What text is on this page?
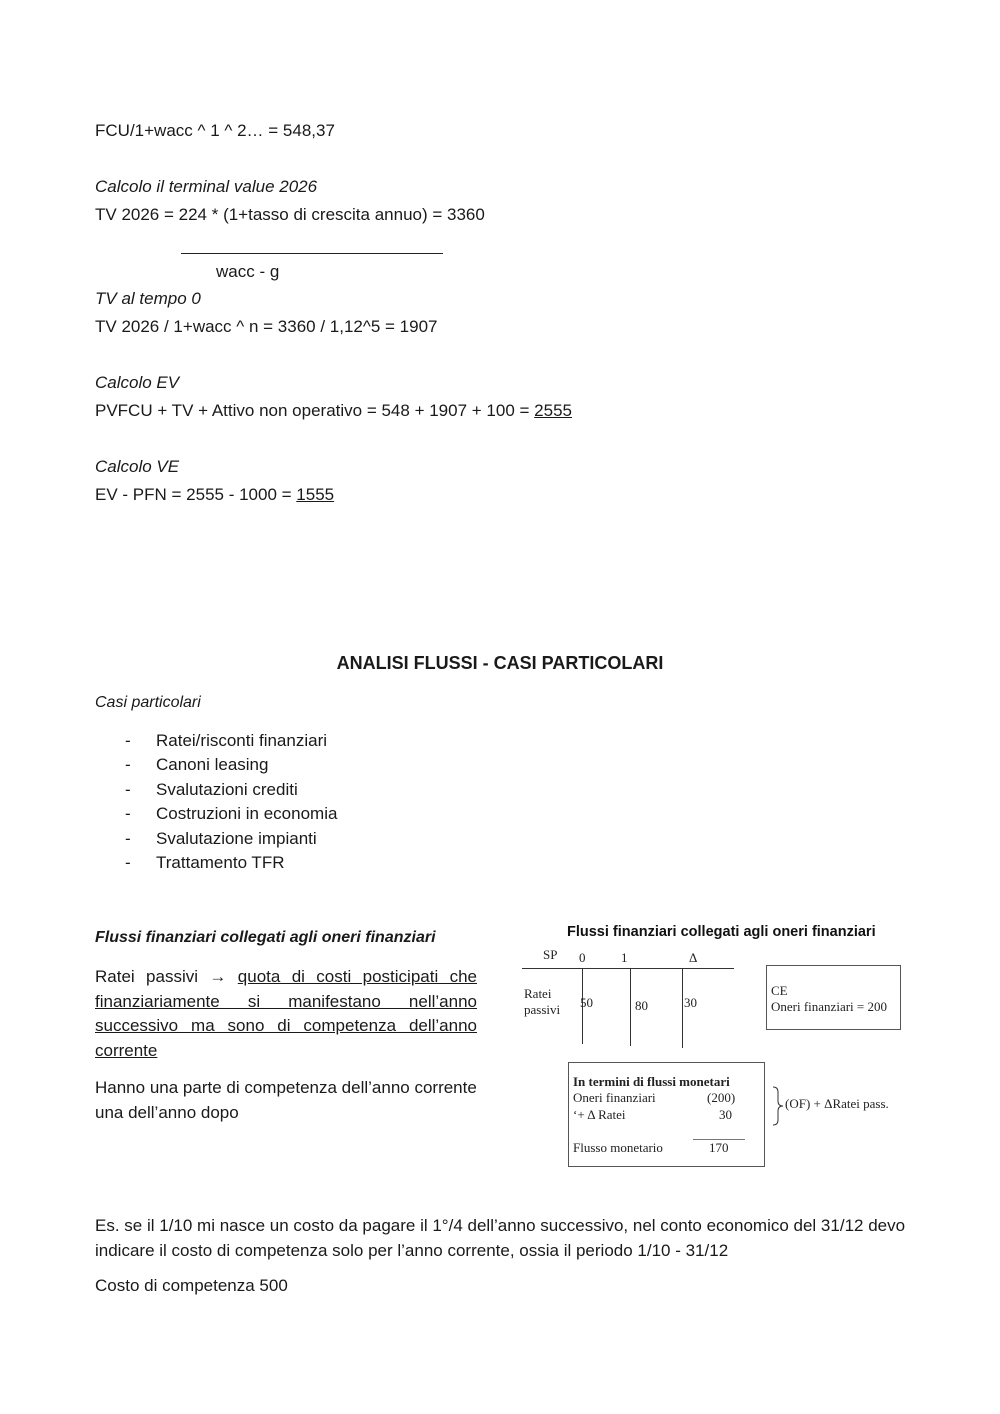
FCU/1+wacc ^ 1 ^ 2… = 548,37
Calcolo il terminal value 2026
TV 2026 = 224 * (1+tasso di crescita annuo) = 3360
wacc - g
TV al tempo 0
TV 2026 / 1+wacc ^ n = 3360 / 1,12^5 = 1907
Calcolo EV
PVFCU + TV + Attivo non operativo = 548 + 1907 + 100 = 2555
Calcolo VE
EV - PFN = 2555 - 1000 = 1555
ANALISI FLUSSI - CASI PARTICOLARI
Casi particolari
- Ratei/risconti finanziari
- Canoni leasing
- Svalutazioni crediti
- Costruzioni in economia
- Svalutazione impianti
- Trattamento TFR
Flussi finanziari collegati agli oneri finanziari
Ratei passivi → quota di costi posticipati che finanziariamente si manifestano nell’anno successivo ma sono di competenza dell’anno corrente
Hanno una parte di competenza dell’anno corrente una dell’anno dopo
Flussi finanziari collegati agli oneri finanziari
SP 0	1	Δ
Ratei
passivi 50	80	30
CE
Oneri finanziari = 200
In termini di flussi monetari
Oneri finanziari	(200)
‘+ Δ Ratei	30
Flusso monetario	170
(OF) + ΔRatei pass.
Es. se il 1/10 mi nasce un costo da pagare il 1°/4 dell’anno successivo, nel conto economico del 31/12 devo indicare il costo di competenza solo per l’anno corrente, ossia il periodo 1/10 - 31/12
Costo di competenza 500
